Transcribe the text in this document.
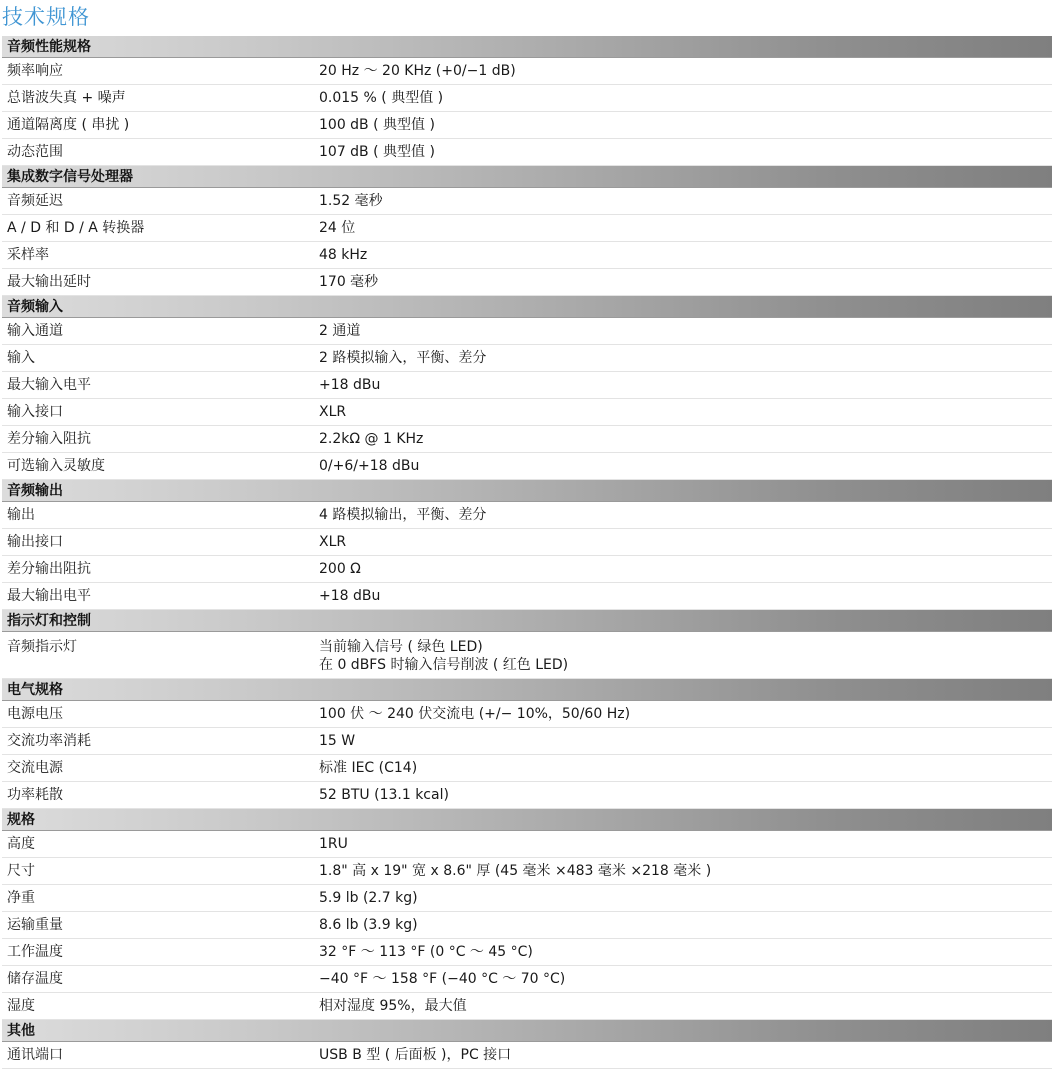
技术规格
音频性能规格
频率响应	20 Hz ～ 20 KHz (+0/−1 dB)
总谐波失真 + 噪声	0.015 % ( 典型值 )
通道隔离度 ( 串扰 )	100 dB ( 典型值 )
动态范围	107 dB ( 典型值 )
集成数字信号处理器
音频延迟	1.52 毫秒
A / D 和 D / A 转换器	24 位
采样率	48 kHz
最大输出延时	170 毫秒
音频输入
输入通道	2 通道
输入	2 路模拟输入，平衡、差分
最大输入电平	+18 dBu
输入接口	XLR
差分输入阻抗	2.2kΩ @ 1 KHz
可选输入灵敏度	0/+6/+18 dBu
音频输出
输出	4 路模拟输出，平衡、差分
输出接口	XLR
差分输出阻抗	200 Ω
最大输出电平	+18 dBu
指示灯和控制
音频指示灯	当前输入信号 ( 绿色 LED)
在 0 dBFS 时输入信号削波 ( 红色 LED)
电气规格
电源电压	100 伏 ～ 240 伏交流电 (+/− 10%，50/60 Hz)
交流功率消耗	15 W
交流电源	标准 IEC (C14)
功率耗散	52 BTU (13.1 kcal)
规格
高度	1RU
尺寸	1.8" 高 x 19" 宽 x 8.6" 厚 (45 毫米 ×483 毫米 ×218 毫米 )
净重	5.9 lb (2.7 kg)
运输重量	8.6 lb (3.9 kg)
工作温度	32 °F ～ 113 °F (0 °C ～ 45 °C)
储存温度	−40 °F ～ 158 °F (−40 °C ～ 70 °C)
湿度	相对湿度 95%，最大值
其他
通讯端口	USB B 型 ( 后面板 )，PC 接口
